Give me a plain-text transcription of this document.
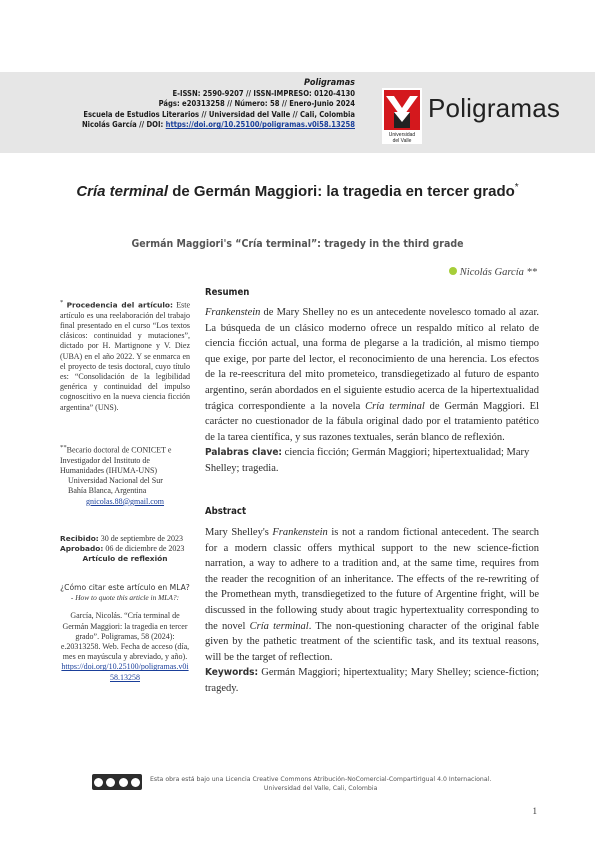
Poligramas
E-ISSN: 2590-9207 // ISSN-IMPRESO: 0120-4130
Págs: e20313258 // Número: 58 // Enero-Junio 2024
Escuela de Estudios Literarios // Universidad del Valle // Cali, Colombia
Nicolás García // DOI: https://doi.org/10.25100/poligramas.v0i58.13258
Universidad
del Valle
Poligramas
Cría terminal de Germán Maggiori: la tragedia en tercer grado*
Germán Maggiori's “Cría terminal”: tragedy in the third grade
Nicolás García **
* Procedencia del artículo: Este artículo es una reelaboración del trabajo final presentado en el curso “Los textos clásicos: continuidad y mutaciones”, dictado por H. Martignone y V. Diez (UBA) en el año 2022. Y se enmarca en el proyecto de tesis doctoral, cuyo título es: “Consolidación de la legibilidad genérica y continuidad del impulso cognoscitivo en la nueva ciencia ficción argentina” (UNS).
**Becario doctoral de CONICET e Investigador del Instituto de Humanidades (IHUMA-UNS)
Universidad Nacional del Sur
Bahía Blanca, Argentina
gnicolas.88@gmail.com
Recibido: 30 de septiembre de 2023
Aprobado: 06 de diciembre de 2023
Artículo de reflexión
¿Cómo citar este artículo en MLA?
- How to quote this article in MLA?:
García, Nicolás. “Cría terminal de Germán Maggiori: la tragedia en tercer grado”. Poligramas, 58 (2024): e.20313258. Web. Fecha de acceso (día, mes en mayúscula y abreviado, y año).
https://doi.org/10.25100/poligramas.v0i58.13258
Resumen
Frankenstein de Mary Shelley no es un antecedente novelesco tomado al azar. La búsqueda de un clásico moderno ofrece un respaldo mítico al relato de ciencia ficción actual, una forma de plegarse a la tradición, al mismo tiempo que exige, por parte del lector, el reconocimiento de una herencia. Los efectos de la re-reescritura del mito prometeico, transdiegetizado al futuro de espanto argentino, serán abordados en el siguiente estudio acerca de la hipertextualidad trágica correspondiente a la novela Cría terminal de Germán Maggiori. El carácter no cuestionador de la fábula original dado por el tratamiento patético de la tarea científica, y sus razones textuales, serán blanco de reflexión.
Palabras clave: ciencia ficción; Germán Maggiori; hipertextualidad; Mary Shelley; tragedia.
Abstract
Mary Shelley's Frankenstein is not a random fictional antecedent. The search for a modern classic offers mythical support to the new science-fiction narration, a way to adhere to a tradition and, at the same time, requires from the reader the recognition of an inheritance. The effects of the re-rewriting of the Promethean myth, transdiegetized to the future of Argentine fright, will be discussed in the following study about tragic hypertextuality corresponding to the novel Cría terminal. The non-questioning character of the original fable given by the pathetic treatment of the scientific task, and its textual reasons, will be the target of reflection.
Keywords: Germán Maggiori; hipertextuality; Mary Shelley; science-fiction; tragedy.
Esta obra está bajo una Licencia Creative Commons Atribución-NoComercial-CompartirIgual 4.0 Internacional.
Universidad del Valle, Cali, Colombia
1
